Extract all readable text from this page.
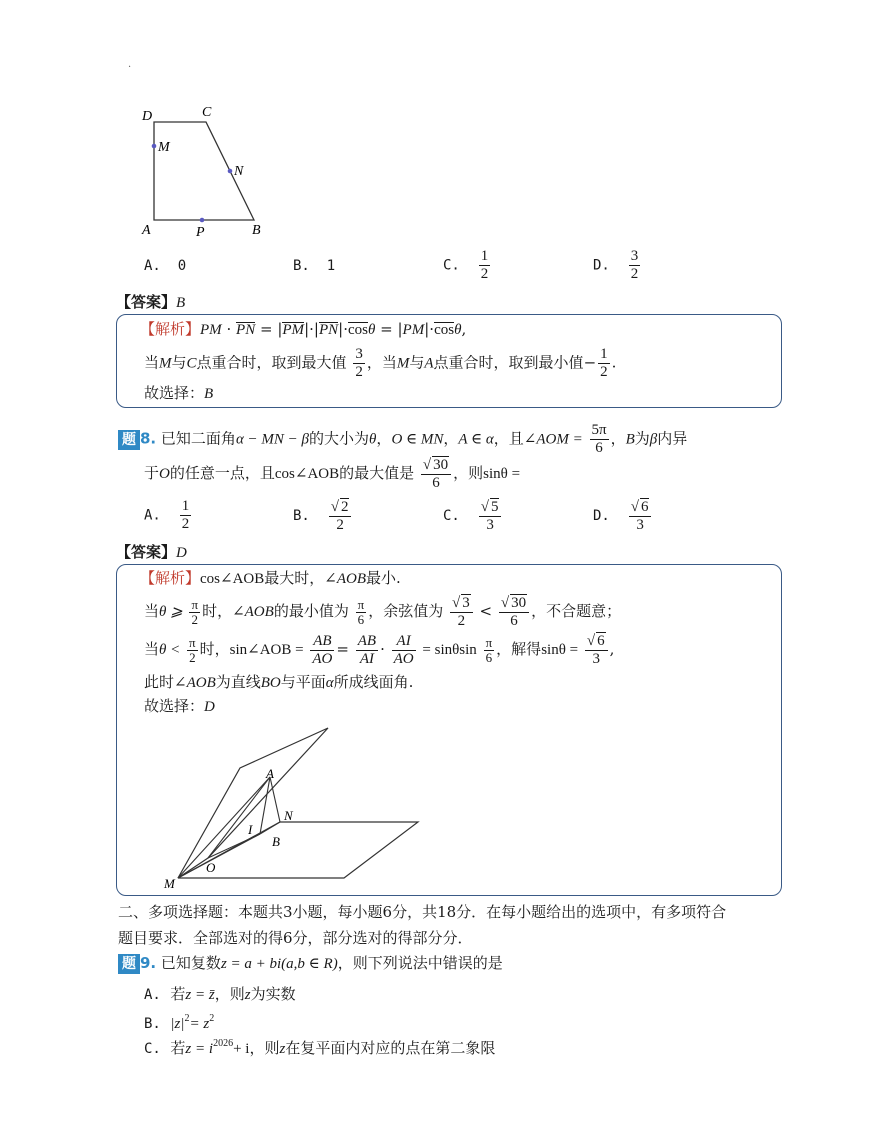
·
D	C
M
N
A	P	B
A. 0	B. 1	C. $\frac{1}{2}$	D. $\frac{3}{2}$
【答案】B
【解析】PM · PN = |PM|·|PN|·cosθ = |PM|·cosθ,
当M与C点重合时，取到最大值 $\frac{3}{2}$ ，当M与A点重合时，取到最小值− $\frac{1}{2}$ .
故选择：B
题 8. 已知二面角α − MN − β的大小为θ，O ∈ MN，A ∈ α，且∠AOM = $\frac{5\pi}{6}$ ，B为β内异
于O的任意一点，且cos∠AOB的最大值是 $\frac{√ 30}{6}$ ，则sinθ =
A. $\frac{1}{2}$	B. $\frac{√ 2}{2}$	C. $\frac{√ 5}{3}$	D. $\frac{√ 6}{3}$
【答案】D
【解析】cos∠AOB最大时，∠AOB最小.
当θ ⩾ $\frac{\pi}{2}$ 时，∠AOB的最小值为 $\frac{\pi}{6}$ ，余弦值为 $\frac{√ 3}{2} < \frac{√ 30}{6}$ ，不合题意；
当$\theta < \frac{\pi}{2}$ 时，sin∠AOB = $\frac{AB}{AO} = \frac{AB}{AI} \cdot \frac{AI}{AO} = \sin\theta\sin \frac{\pi}{6}$ ，解得$\sin\theta = \frac{√ 6}{3}$ ,
此时∠AOB为直线BO与平面α所成线面角.
故选择：D
A
I
N
B
O
M
二、多项选择题：本题共3小题，每小题6分，共18分．在每小题给出的选项中，有多项符合
题目要求．全部选对的得6分，部分选对的得部分分．
题 9. 已知复数z = a + bi(a,b ∈ R)，则下列说法中错误的是
A. 若z = z̄，则z为实数
B. $|z|^2= z^2$
C. 若$z = i^{2026}+ i$，则z在复平面内对应的点在第二象限
